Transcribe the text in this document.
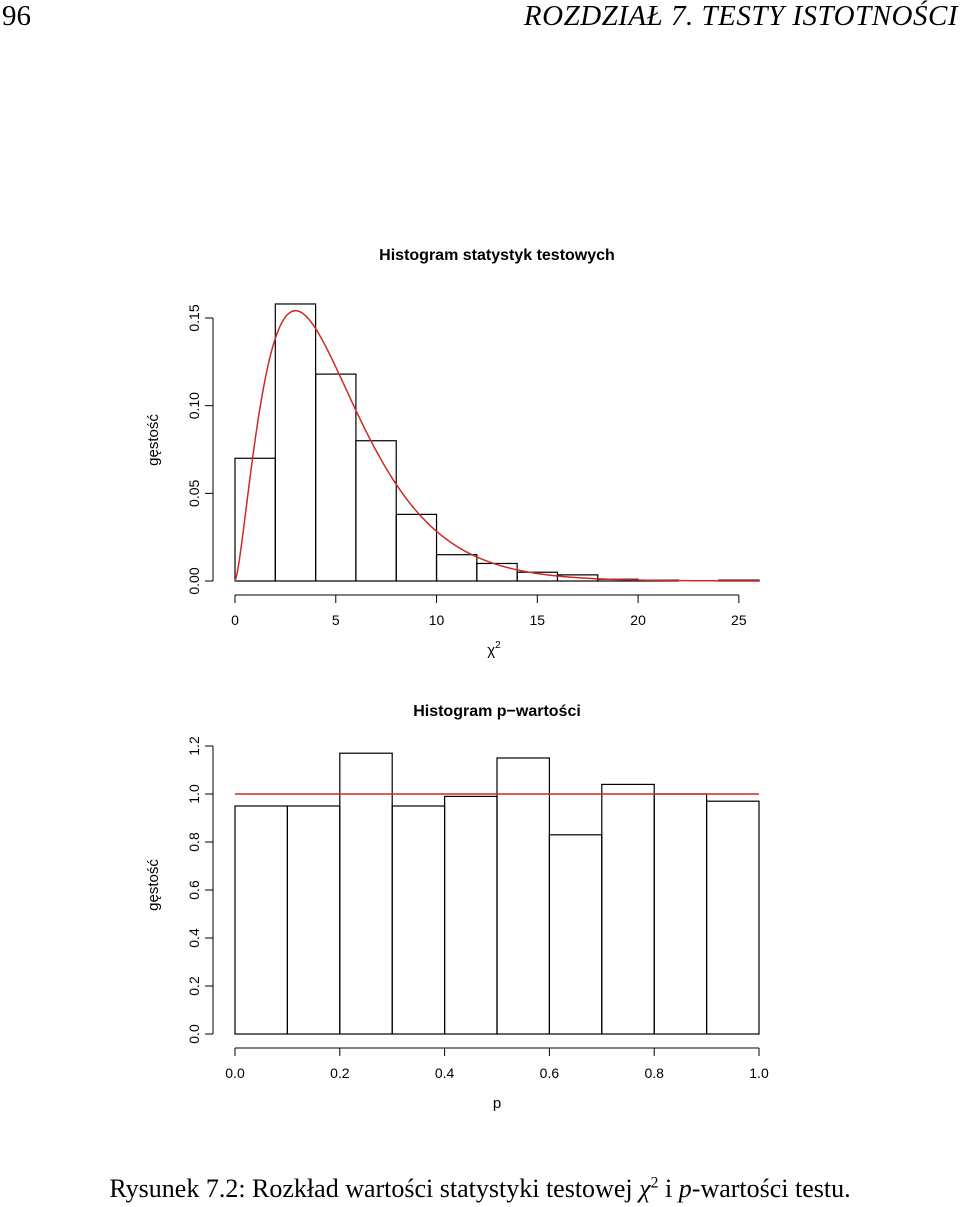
96	ROZDZIAŁ 7. TESTY ISTOTNOŚCI
Histogram statystyk testowych
gęstość
$\chi^2$
0	5	10	15	20	25
0.00
0.05
0.10
0.15
Histogram p−wartości
gęstość
p
0.0	0.2	0.4	0.6	0.8	1.0
0.0
0.2
0.4
0.6
0.8
1.0
1.2
Rysunek 7.2: Rozkład wartości statystyki testowej $\chi^2$ i p-wartości testu.
